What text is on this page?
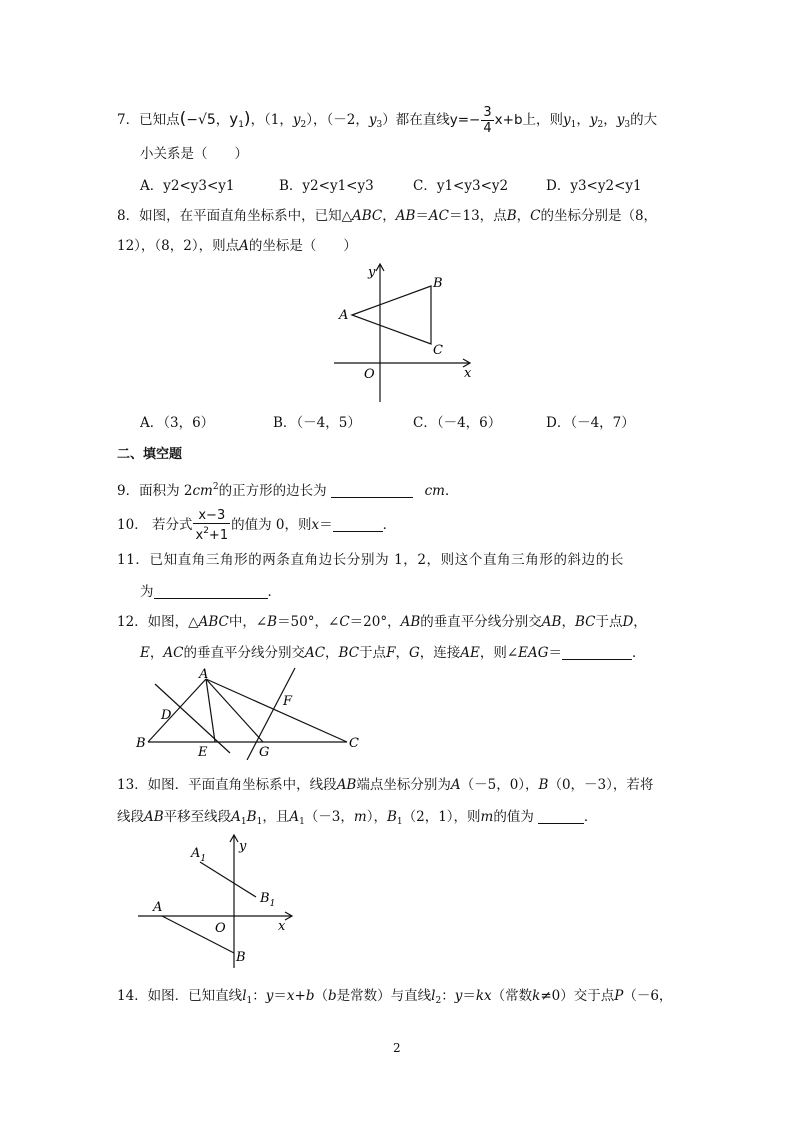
7．已知点(−√5，$y_1$)，（1，$y_2$），（－2，$y_3$）都在直线$y=- \frac{3}{4} x+b$上，则$y_1$，$y_2$，$y_3$的大
小关系是（　　）
A．y2<y3<y1	B．y2<y1<y3	C．y1<y3<y2	D．y3<y2<y1
8．如图，在平面直角坐标系中，已知△ABC，AB＝AC＝13，点B，C的坐标分别是（8，
12），（8，2），则点A的坐标是（　　）
y
x
O
A
B
C
A．（3，6）	B．（－4，5）	C．（－4，6）	D．（－4，7）
二、填空题
9．面积为 $2cm^2$的正方形的边长为	cm．
10． 若分式 $\frac{x-3}{x^2+1}$ 的值为 0，则x＝	．
11．已知直角三角形的两条直角边长分别为 1，2，则这个直角三角形的斜边的长
为	．
12．如图，△ABC中，∠B＝50°，∠C＝20°，AB的垂直平分线分别交AB，BC于点D，
E，AC的垂直平分线分别交AC，BC于点F，G，连接AE，则∠EAG＝	．
A
B	C
D
E
F
G
13．如图．平面直角坐标系中，线段AB端点坐标分别为A（－5，0），B（0，－3），若将
线段AB平移至线段$A_1B_1$，且$A_1(-3$，m），$B_1(2$，1），则m的值为	．
y
x
O
A
B
$A_1$
$B_1$
14．如图．已知直线$l_1$：y＝x+b（b是常数）与直线$l_2$：y＝kx（常数k≠0）交于点P（－6，
2
